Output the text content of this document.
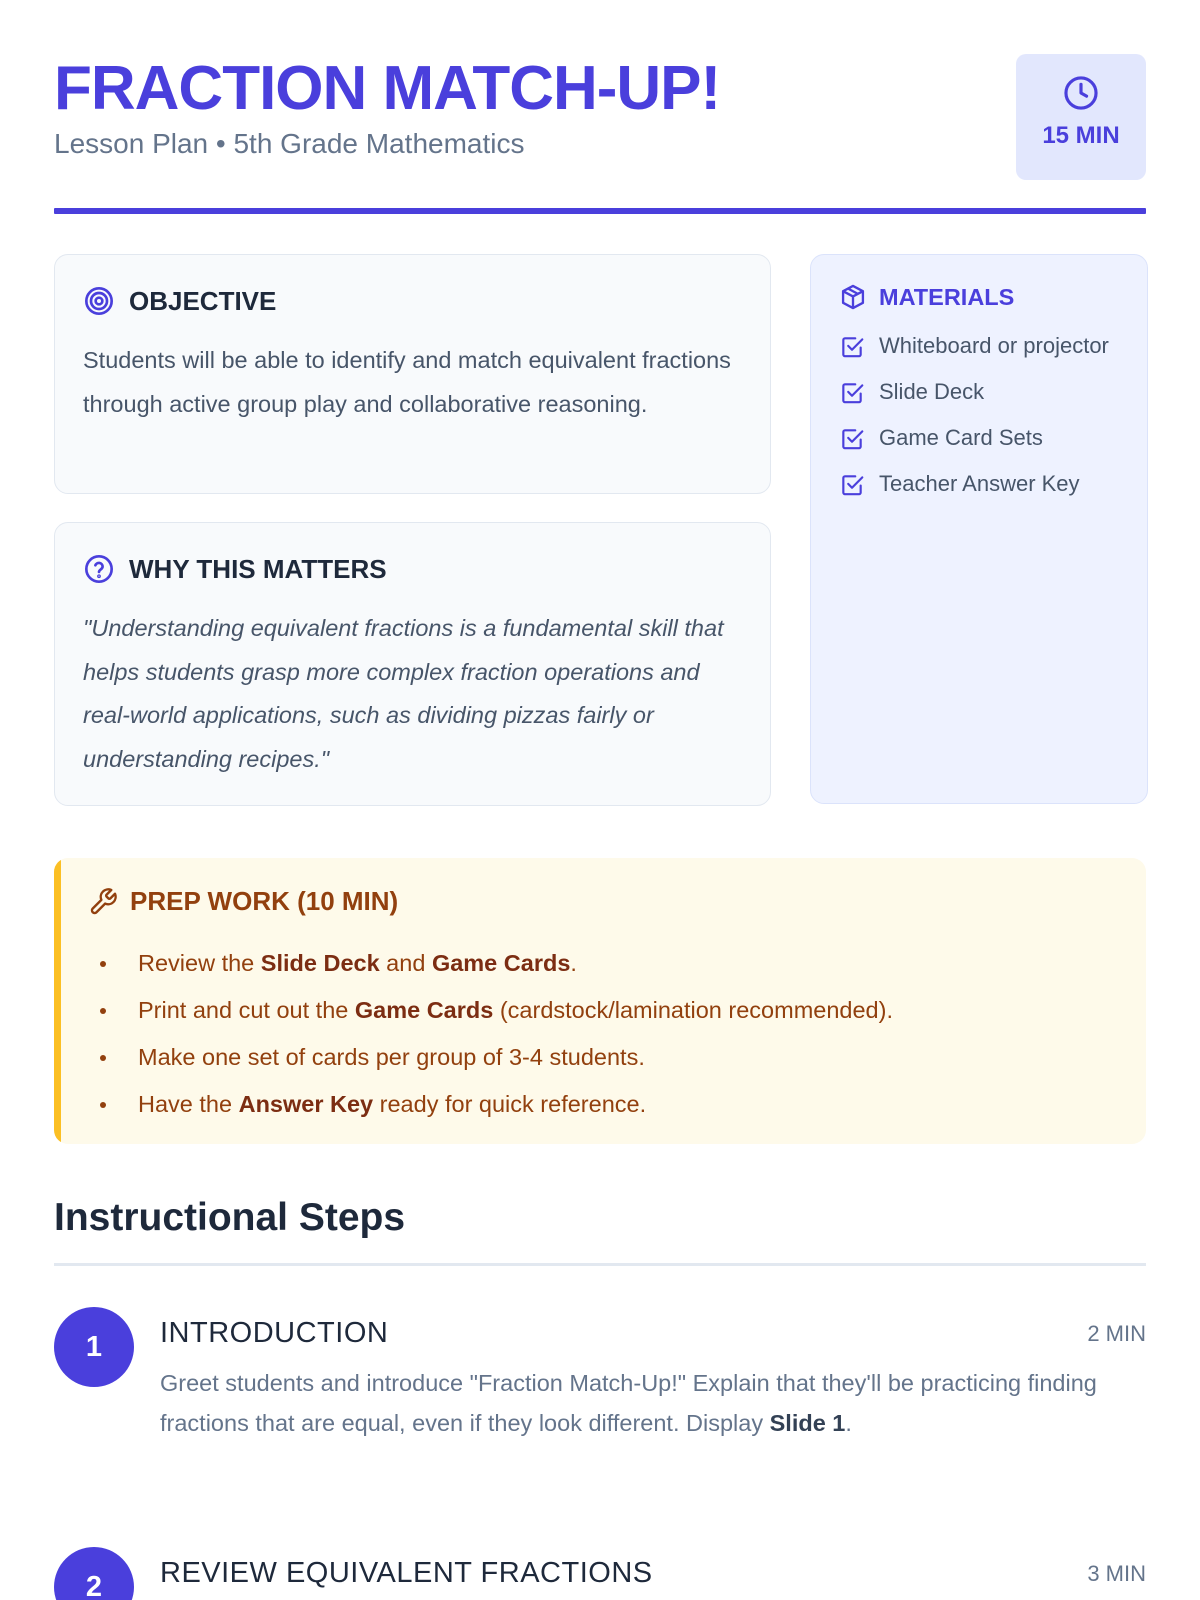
FRACTION MATCH-UP!
Lesson Plan • 5th Grade Mathematics	15 MIN
OBJECTIVE

Students will be able to identify and match equivalent fractions through active group play and collaborative reasoning.

WHY THIS MATTERS

"Understanding equivalent fractions is a fundamental skill that helps students grasp more complex fraction operations and real-world applications, such as dividing pizzas fairly or understanding recipes."

MATERIALS
Whiteboard or projector
Slide Deck
Game Card Sets
Teacher Answer Key
PREP WORK (10 MIN)
Review the Slide Deck and Game Cards.
Print and cut out the Game Cards (cardstock/lamination recommended).
Make one set of cards per group of 3-4 students.
Have the Answer Key ready for quick reference.
Instructional Steps
1	INTRODUCTION	2 MIN

Greet students and introduce "Fraction Match-Up!" Explain that they'll be practicing finding fractions that are equal, even if they look different. Display Slide 1.

2	REVIEW EQUIVALENT FRACTIONS	3 MIN
